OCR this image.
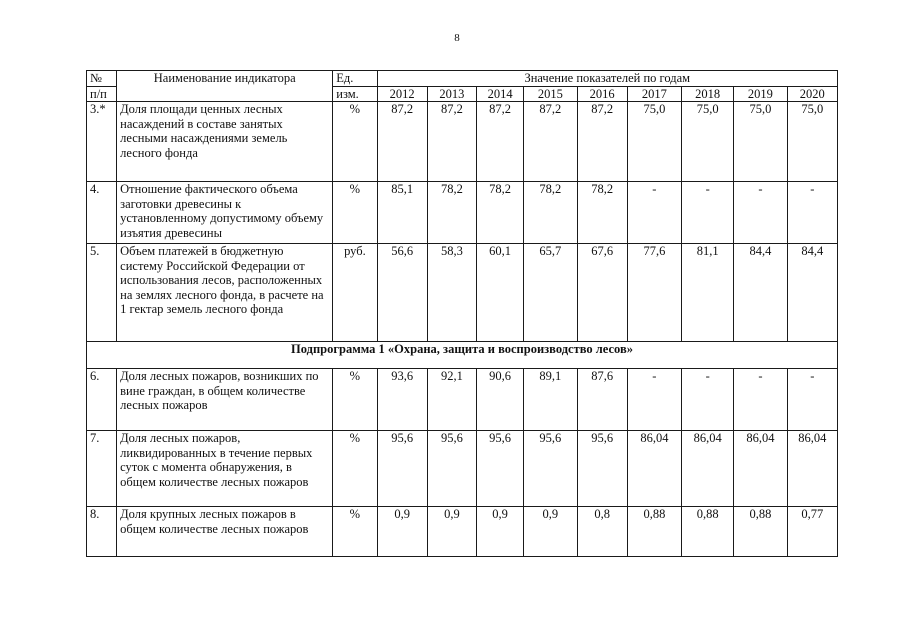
8
№	Наименование индикатора	Ед.	Значение показателей по годам								
п/п		изм.	2012	2013	2014	2015	2016	2017	2018	2019	2020
3.*	Доля площади ценных лесных насаждений в составе занятых лесными насаждениями земель лесного фонда	%	87,2	87,2	87,2	87,2	87,2	75,0	75,0	75,0	75,0
4.	Отношение фактического объема заготовки древесины к установленному допустимому объему изъятия древесины	%	85,1	78,2	78,2	78,2	78,2	-	-	-	-
5.	Объем платежей в бюджетную систему Российской Федерации от использования лесов, расположенных на землях лесного фонда, в расчете на 1 гектар земель лесного фонда	руб.	56,6	58,3	60,1	65,7	67,6	77,6	81,1	84,4	84,4
Подпрограмма 1 «Охрана, защита и воспроизводство лесов»											
6.	Доля лесных пожаров, возникших по вине граждан, в общем количестве лесных пожаров	%	93,6	92,1	90,6	89,1	87,6	-	-	-	-
7.	Доля лесных пожаров, ликвидированных в течение первых суток с момента обнаружения, в общем количестве лесных пожаров	%	95,6	95,6	95,6	95,6	95,6	86,04	86,04	86,04	86,04
8.	Доля крупных лесных пожаров в общем количестве лесных пожаров	%	0,9	0,9	0,9	0,9	0,8	0,88	0,88	0,88	0,77
